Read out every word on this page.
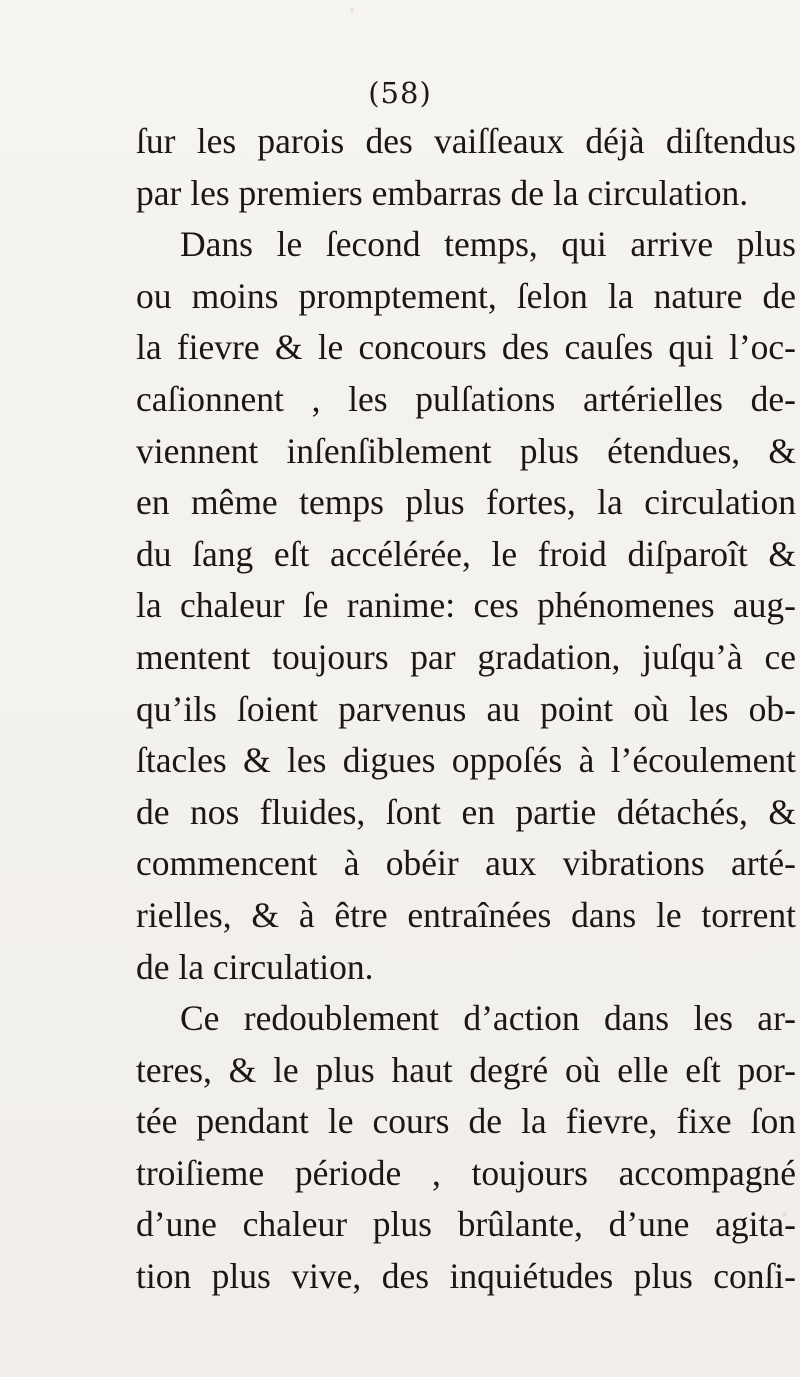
(58)
ſur les parois des vaiſſeaux déjà diſtendus
par les premiers embarras de la circulation.
Dans le ſecond temps, qui arrive plus
ou moins promptement, ſelon la nature de
la fievre & le concours des cauſes qui l’oc-
caſionnent , les pulſations artérielles de-
viennent inſenſiblement plus étendues, &
en même temps plus fortes, la circulation
du ſang eſt accélérée, le froid diſparoît &
la chaleur ſe ranime: ces phénomenes aug-
mentent toujours par gradation, juſqu’à ce
qu’ils ſoient parvenus au point où les ob-
ſtacles & les digues oppoſés à l’écoulement
de nos fluides, ſont en partie détachés, &
commencent à obéir aux vibrations arté-
rielles, & à être entraînées dans le torrent
de la circulation.
Ce redoublement d’action dans les ar-
teres, & le plus haut degré où elle eſt por-
tée pendant le cours de la fievre, fixe ſon
troiſieme période , toujours accompagné
d’une chaleur plus brûlante, d’une agita-
tion plus vive, des inquiétudes plus conſi-
